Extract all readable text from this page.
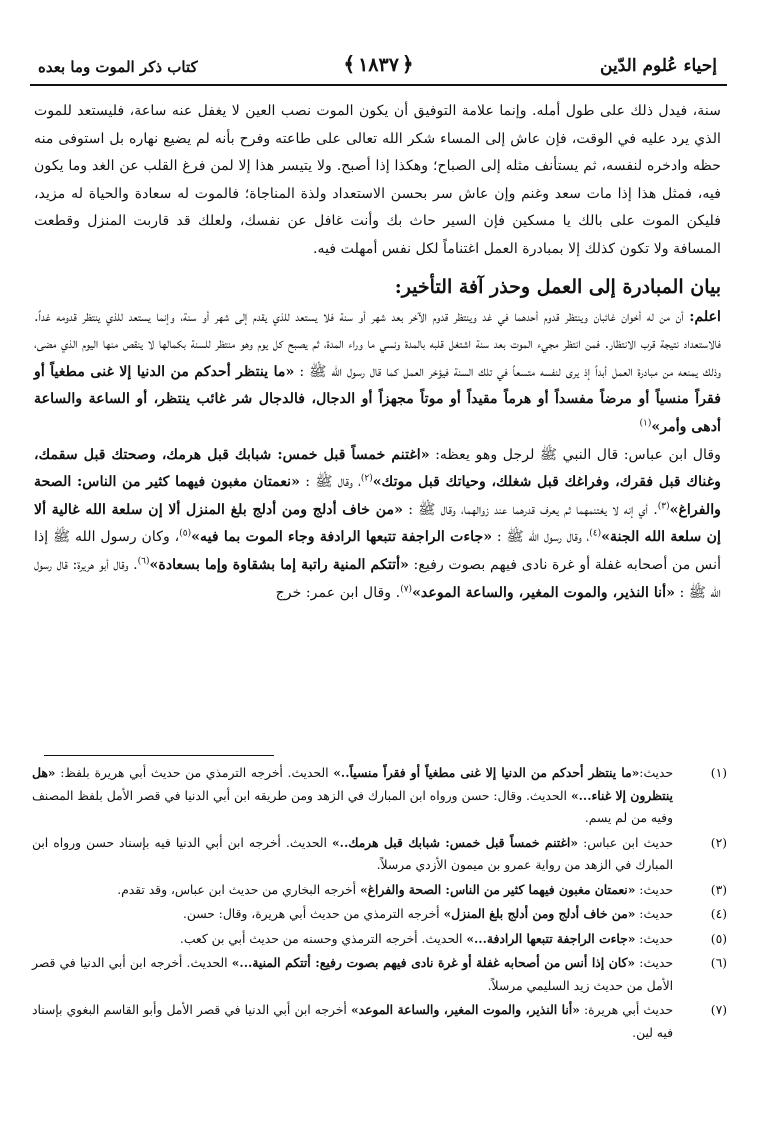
إحياء عُلوم الدّين
﴿١٨٣٧﴾
كتاب ذكر الموت وما بعده

سنة، فيدل ذلك على طول أمله. وإنما علامة التوفيق أن يكون الموت نصب العين لا يغفل عنه ساعة، فليستعد للموت الذي يرد عليه في الوقت، فإن عاش إلى المساء شكر الله تعالى على طاعته وفرح بأنه لم يضيع نهاره بل استوفى منه حظه وادخره لنفسه، ثم يستأنف مثله إلى الصباح؛ وهكذا إذا أصبح. ولا يتيسر هذا إلا لمن فرغ القلب عن الغد وما يكون فيه، فمثل هذا إذا مات سعد وغنم وإن عاش سر بحسن الاستعداد ولذة المناجاة؛ فالموت له سعادة والحياة له مزيد، فليكن الموت على بالك يا مسكين فإن السير حاث بك وأنت غافل عن نفسك، ولعلك قد قاربت المنزل وقطعت المسافة ولا تكون كذلك إلا بمبادرة العمل اغتناماً لكل نفس أمهلت فيه.

بيان المبادرة إلى العمل وحذر آفة التأخير:

اعلم: أن من له أخوان غائبان وينتظر قدوم أحدهما في غد وينتظر قدوم الآخر بعد شهر أو سنة فلا يستعد للذي يقدم إلى شهر أو سنة، وإنما يستعد للذي ينتظر قدومه غداً. فالاستعداد نتيجة قرب الانتظار. فمن انتظر مجيء الموت بعد سنة اشتغل قلبه بالمدة ونسي ما وراء المدة، ثم يصبح كل يوم وهو منتظر للسنة بكمالها لا ينقص منها اليوم الذي مضى، وذلك يمنعه من مبادرة العمل أبداً إذ يرى لنفسه متسعاً في تلك السنة فيؤخر العمل كما قال رسول الله ﷺ : «ما ينتظر أحدكم من الدنيا إلا غنى مطغياً أو فقراً منسياً أو مرضاً مفسداً أو هرماً مقيداً أو موتاً مجهزاً أو الدجال، فالدجال شر غائب ينتظر، أو الساعة والساعة أدهى وأمر»$^{(١)}$

وقال ابن عباس: قال النبي ﷺ لرجل وهو يعظه: «اغتنم خمساً قبل خمس: شبابك قبل هرمك، وصحتك قبل سقمك، وغناك قبل فقرك، وفراغك قبل شغلك، وحياتك قبل موتك»$^{(٢)}$، وقال ﷺ : «نعمتان مغبون فيهما كثير من الناس: الصحة والفراغ»$^{(٣)}$. أي إنه لا يغتنمهما ثم يعرف قدرهما عند زوالهما، وقال ﷺ : «من خاف أدلج ومن أدلج بلغ المنزل ألا إن سلعة الله غالية ألا إن سلعة الله الجنة»$^{(٤)}$، وقال رسول الله ﷺ : «جاءت الراجفة تتبعها الرادفة وجاء الموت بما فيه»$^{(٥)}$، وكان رسول الله ﷺ إذا أنس من أصحابه غفلة أو غرة نادى فيهم بصوت رفيع: «أتتكم المنية راتبة إما بشقاوة وإما بسعادة»$^{(٦)}$. وقال أبو هريرة: قال رسول الله ﷺ : «أنا النذير، والموت المغير، والساعة الموعد»$^{(٧)}$. وقال ابن عمر: خرج

(١)
حديث:«ما ينتظر أحدكم من الدنيا إلا غنى مطغياً أو فقراً منسياً..» الحديث. أخرجه الترمذي من حديث أبي هريرة بلفظ: «هل ينتظرون إلا غناء...» الحديث. وقال: حسن ورواه ابن المبارك في الزهد ومن طريقه ابن أبي الدنيا في قصر الأمل بلفظ المصنف وفيه من لم يسم.
(٢)
حديث ابن عباس: «اغتنم خمساً قبل خمس: شبابك قبل هرمك..» الحديث. أخرجه ابن أبي الدنيا فيه بإسناد حسن ورواه ابن المبارك في الزهد من رواية عمرو بن ميمون الأزدي مرسلاً.
(٣)
حديث: «نعمتان مغبون فيهما كثير من الناس: الصحة والفراغ» أخرجه البخاري من حديث ابن عباس، وقد تقدم.
(٤)
حديث: «من خاف أدلج ومن أدلج بلغ المنزل» أخرجه الترمذي من حديث أبي هريرة، وقال: حسن.
(٥)
حديث: «جاءت الراجفة تتبعها الرادفة...» الحديث. أخرجه الترمذي وحسنه من حديث أبي بن كعب.
(٦)
حديث: «كان إذا أنس من أصحابه غفلة أو غرة نادى فيهم بصوت رفيع: أتتكم المنية...» الحديث. أخرجه ابن أبي الدنيا في قصر الأمل من حديث زيد السليمي مرسلاً.
(٧)
حديث أبي هريرة: «أنا النذير، والموت المغير، والساعة الموعد» أخرجه ابن أبي الدنيا في قصر الأمل وأبو القاسم البغوي بإسناد فيه لين.
